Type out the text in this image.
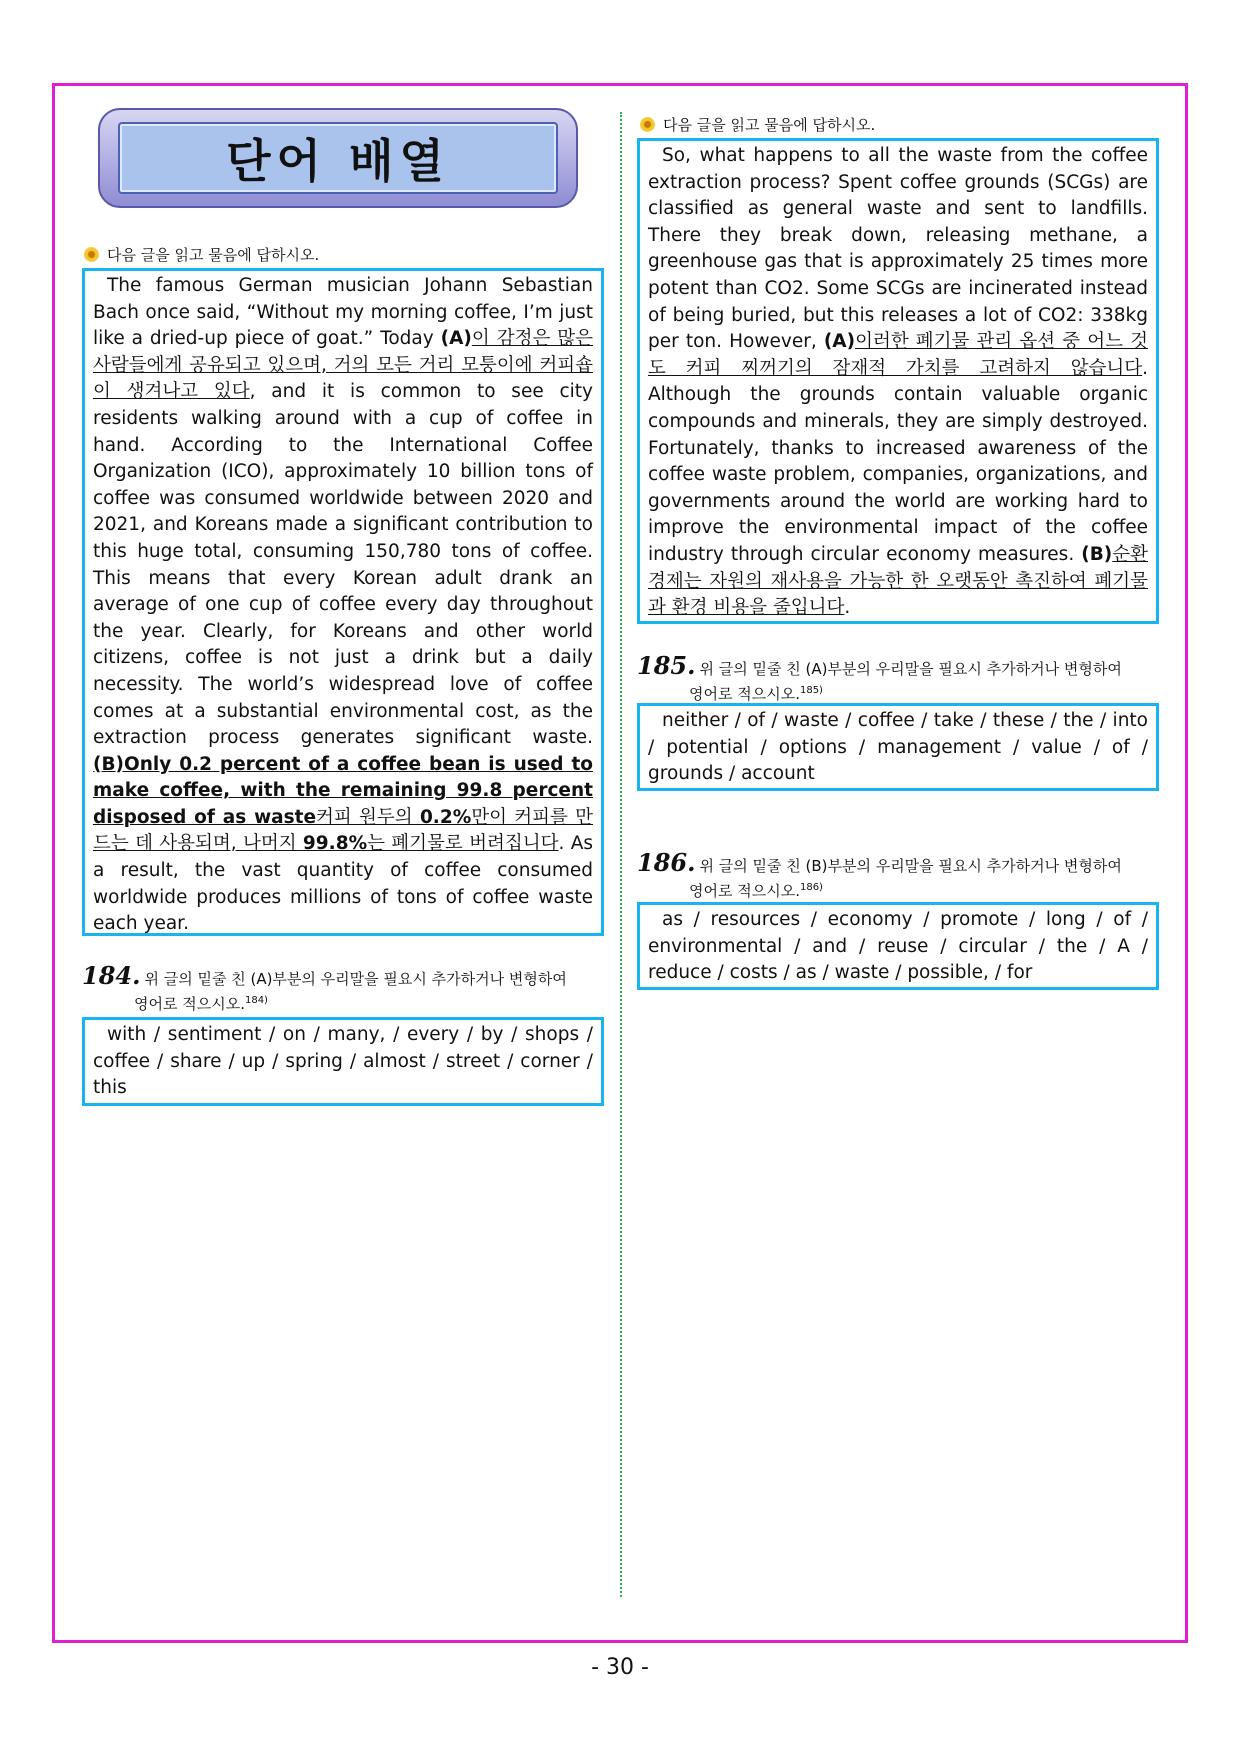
단어 배열
다음 글을 읽고 물음에 답하시오.

The famous German musician Johann Sebastian Bach once said, “Without my morning coffee, I’m just like a dried-up piece of goat.” Today (A)이 감정은 많은 사람들에게 공유되고 있으며, 거의 모든 거리 모퉁이에 커피숍이 생겨나고 있다, and it is common to see city residents walking around with a cup of coffee in hand. According to the International Coffee Organization (ICO), approximately 10 billion tons of coffee was consumed worldwide between 2020 and 2021, and Koreans made a significant contribution to this huge total, consuming 150,780 tons of coffee. This means that every Korean adult drank an average of one cup of coffee every day throughout the year. Clearly, for Koreans and other world citizens, coffee is not just a drink but a daily necessity. The world’s widespread love of coffee comes at a substantial environmental cost, as the extraction process generates significant waste. (B)Only 0.2 percent of a coffee bean is used to make coffee, with the remaining 99.8 percent disposed of as waste커피 원두의 0.2%만이 커피를 만드는 데 사용되며, 나머지 99.8%는 폐기물로 버려집니다. As a result, the vast quantity of coffee consumed worldwide produces millions of tons of coffee waste each year.

184. 위 글의 밑줄 친 (A)부분의 우리말을 필요시 추가하거나 변형하여
영어로 적으시오.$^{184)}$

with / sentiment / on / many, / every / by / shops / coffee / share / up / spring / almost / street / corner / this

다음 글을 읽고 물음에 답하시오.

So, what happens to all the waste from the coffee extraction process? Spent coffee grounds (SCGs) are classified as general waste and sent to landfills. There they break down, releasing methane, a greenhouse gas that is approximately 25 times more potent than CO2. Some SCGs are incinerated instead of being buried, but this releases a lot of CO2: 338kg per ton. However, (A)이러한 폐기물 관리 옵션 중 어느 것도 커피 찌꺼기의 잠재적 가치를 고려하지 않습니다. Although the grounds contain valuable organic compounds and minerals, they are simply destroyed. Fortunately, thanks to increased awareness of the coffee waste problem, companies, organizations, and governments around the world are working hard to improve the environmental impact of the coffee industry through circular economy measures. (B)순환경제는 자원의 재사용을 가능한 한 오랫동안 촉진하여 폐기물과 환경 비용을 줄입니다.

185. 위 글의 밑줄 친 (A)부분의 우리말을 필요시 추가하거나 변형하여
영어로 적으시오.$^{185)}$

neither / of / waste / coffee / take / these / the / into / potential / options / management / value / of / grounds / account

186. 위 글의 밑줄 친 (B)부분의 우리말을 필요시 추가하거나 변형하여
영어로 적으시오.$^{186)}$

as / resources / economy / promote / long / of / environmental / and / reuse / circular / the / A / reduce / costs / as / waste / possible, / for

- 30 -
